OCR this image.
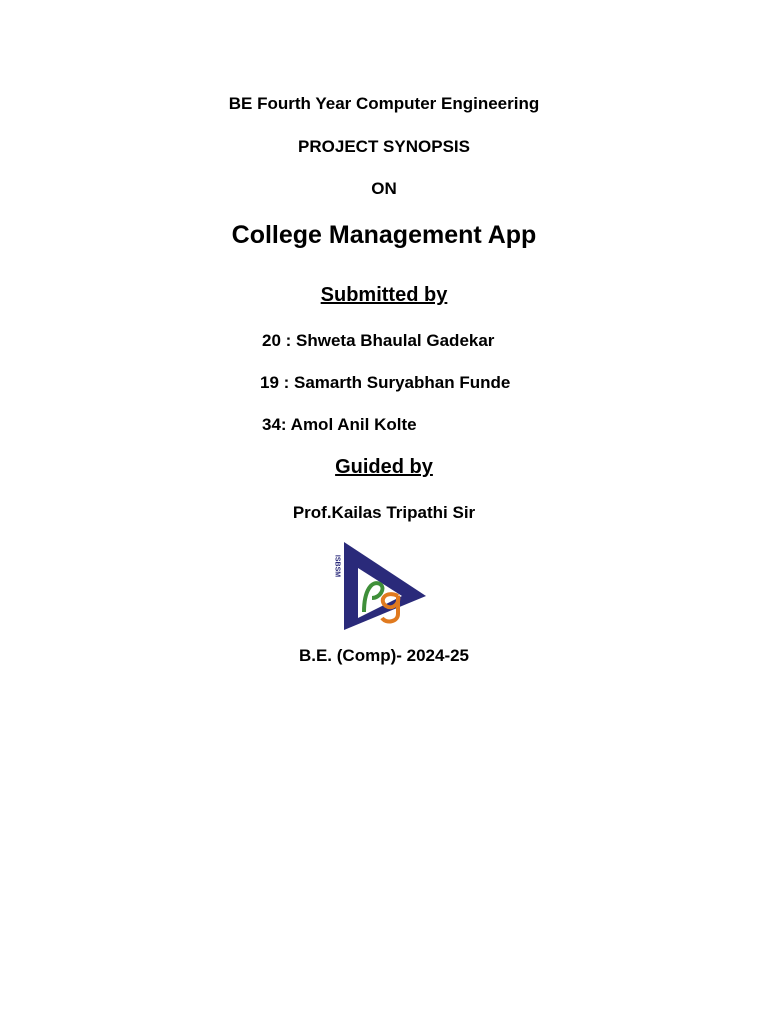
BE Fourth Year Computer Engineering
PROJECT SYNOPSIS
ON
College Management App
Submitted by
20 : Shweta Bhaulal Gadekar
19 : Samarth Suryabhan Funde
34: Amol Anil Kolte
Guided by
Prof.Kailas Tripathi Sir
ISBSM
B.E. (Comp)- 2024-25
